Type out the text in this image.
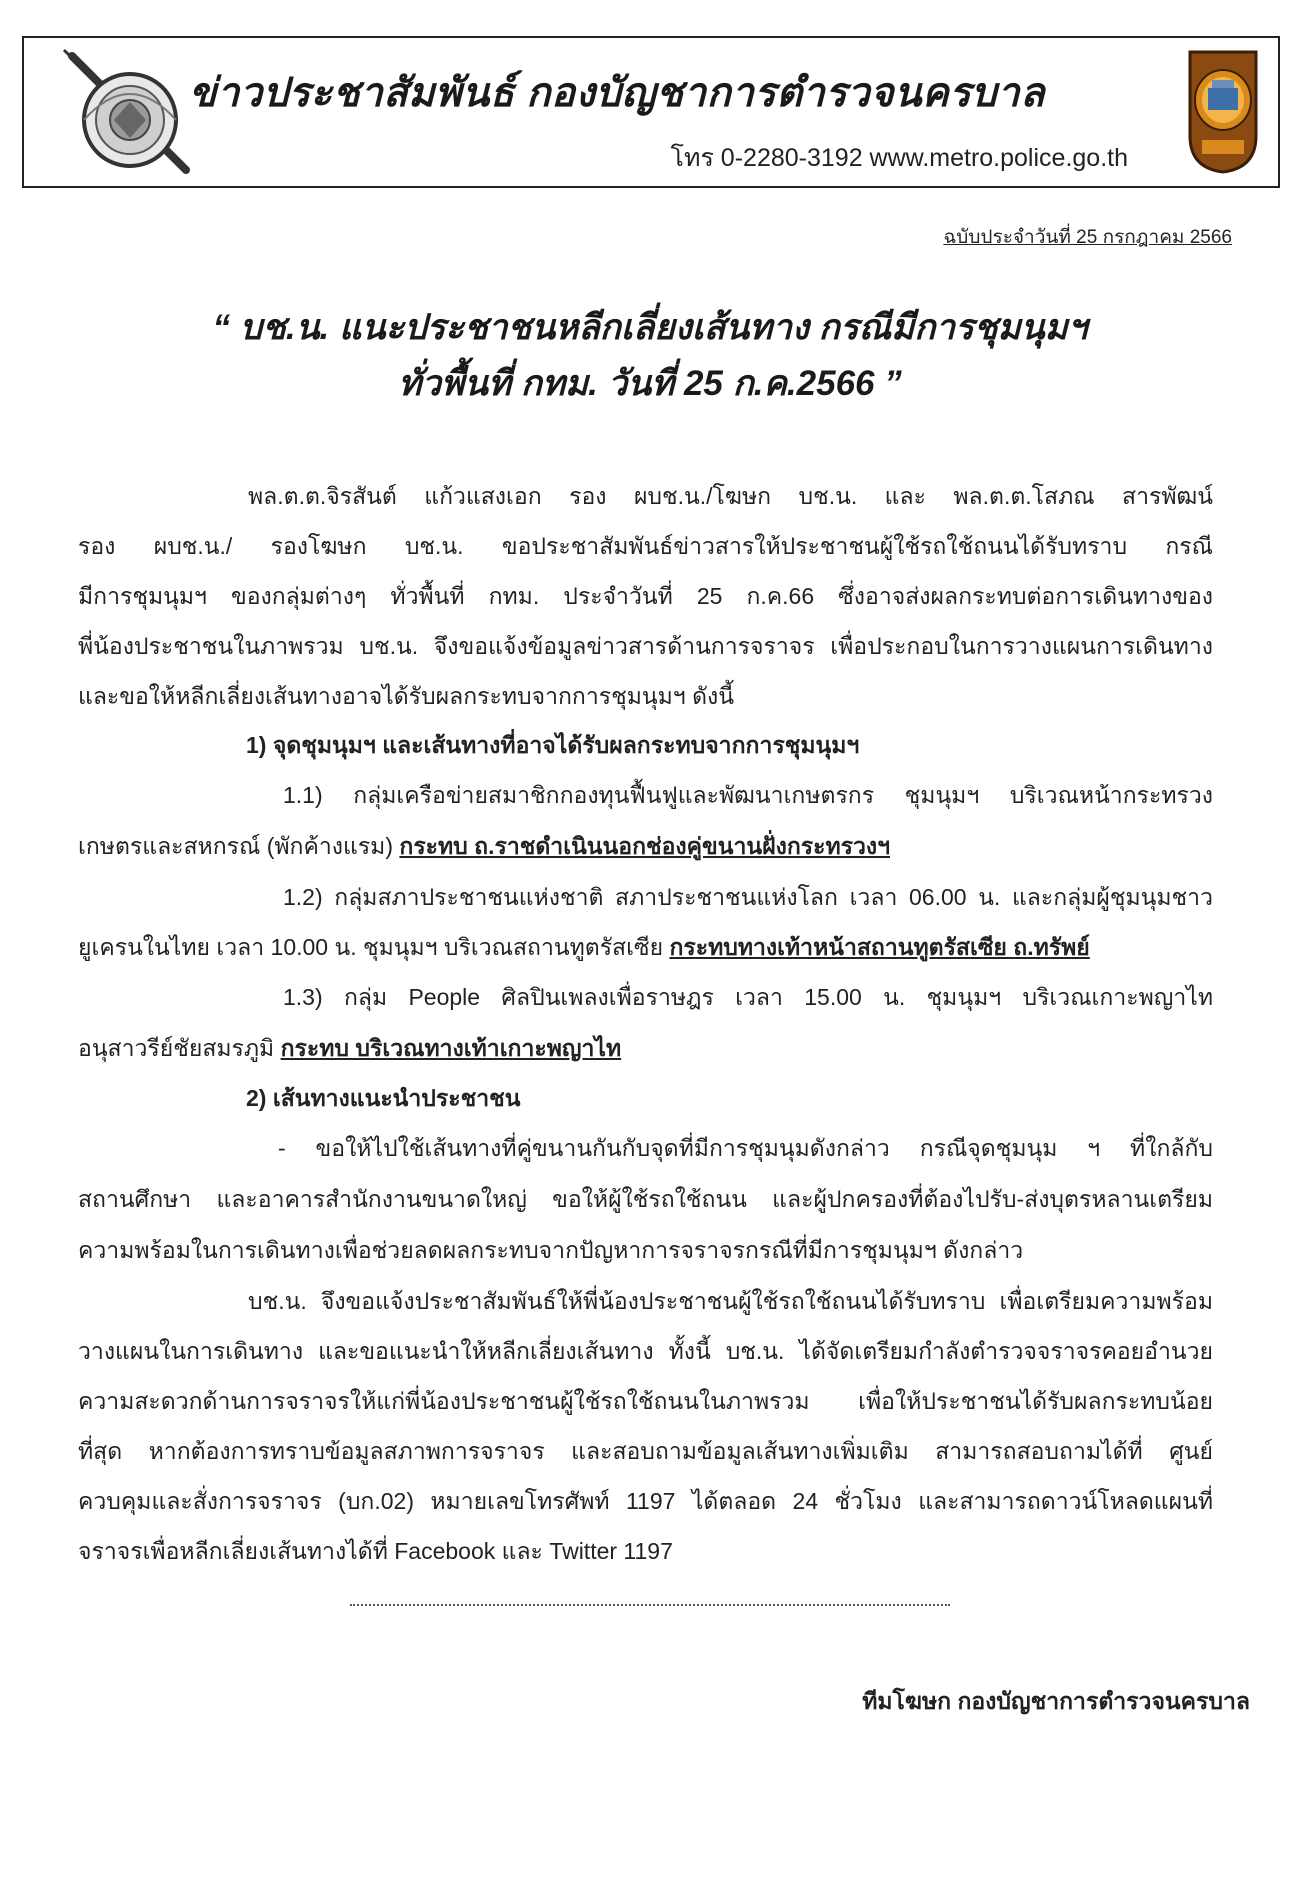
ข่าวประชาสัมพันธ์ กองบัญชาการตำรวจนครบาล
โทร 0-2280-3192 www.metro.police.go.th
ฉบับประจำวันที่ 25 กรกฎาคม 2566
“ บช.น. แนะประชาชนหลีกเลี่ยงเส้นทาง กรณีมีการชุมนุมฯ
ทั่วพื้นที่ กทม. วันที่ 25 ก.ค.2566 ”
พล.ต.ต.จิรสันต์ แก้วแสงเอก รอง ผบช.น./โฆษก บช.น. และ พล.ต.ต.โสภณ สารพัฒน์
รอง ผบช.น./ รองโฆษก บช.น. ขอประชาสัมพันธ์ข่าวสารให้ประชาชนผู้ใช้รถใช้ถนนได้รับทราบ กรณี
มีการชุมนุมฯ ของกลุ่มต่างๆ ทั่วพื้นที่ กทม. ประจำวันที่ 25 ก.ค.66 ซึ่งอาจส่งผลกระทบต่อการเดินทางของ
พี่น้องประชาชนในภาพรวม บช.น. จึงขอแจ้งข้อมูลข่าวสารด้านการจราจร เพื่อประกอบในการวางแผนการเดินทาง
และขอให้หลีกเลี่ยงเส้นทางอาจได้รับผลกระทบจากการชุมนุมฯ ดังนี้
1) จุดชุมนุมฯ และเส้นทางที่อาจได้รับผลกระทบจากการชุมนุมฯ
1.1) กลุ่มเครือข่ายสมาชิกกองทุนฟื้นฟูและพัฒนาเกษตรกร ชุมนุมฯ บริเวณหน้ากระทรวง
เกษตรและสหกรณ์ (พักค้างแรม) กระทบ ถ.ราชดำเนินนอกช่องคู่ขนานฝั่งกระทรวงฯ
1.2) กลุ่มสภาประชาชนแห่งชาติ สภาประชาชนแห่งโลก เวลา 06.00 น. และกลุ่มผู้ชุมนุมชาว
ยูเครนในไทย เวลา 10.00 น. ชุมนุมฯ บริเวณสถานทูตรัสเซีย กระทบทางเท้าหน้าสถานทูตรัสเซีย ถ.ทรัพย์
1.3) กลุ่ม People ศิลปินเพลงเพื่อราษฎร เวลา 15.00 น. ชุมนุมฯ บริเวณเกาะพญาไท
อนุสาวรีย์ชัยสมรภูมิ กระทบ บริเวณทางเท้าเกาะพญาไท
2) เส้นทางแนะนำประชาชน
- ขอให้ไปใช้เส้นทางที่คู่ขนานกันกับจุดที่มีการชุมนุมดังกล่าว กรณีจุดชุมนุม ฯ ที่ใกล้กับ
สถานศึกษา และอาคารสำนักงานขนาดใหญ่ ขอให้ผู้ใช้รถใช้ถนน และผู้ปกครองที่ต้องไปรับ-ส่งบุตรหลานเตรียม
ความพร้อมในการเดินทางเพื่อช่วยลดผลกระทบจากปัญหาการจราจรกรณีที่มีการชุมนุมฯ ดังกล่าว
บช.น. จึงขอแจ้งประชาสัมพันธ์ให้พี่น้องประชาชนผู้ใช้รถใช้ถนนได้รับทราบ เพื่อเตรียมความพร้อม
วางแผนในการเดินทาง และขอแนะนำให้หลีกเลี่ยงเส้นทาง ทั้งนี้ บช.น. ได้จัดเตรียมกำลังตำรวจจราจรคอยอำนวย
ความสะดวกด้านการจราจรให้แก่พี่น้องประชาชนผู้ใช้รถใช้ถนนในภาพรวม เพื่อให้ประชาชนได้รับผลกระทบน้อย
ที่สุด หากต้องการทราบข้อมูลสภาพการจราจร และสอบถามข้อมูลเส้นทางเพิ่มเติม สามารถสอบถามได้ที่ ศูนย์
ควบคุมและสั่งการจราจร (บก.02) หมายเลขโทรศัพท์ 1197 ได้ตลอด 24 ชั่วโมง และสามารถดาวน์โหลดแผนที่
จราจรเพื่อหลีกเลี่ยงเส้นทางได้ที่ Facebook และ Twitter 1197
ทีมโฆษก กองบัญชาการตำรวจนครบาล
